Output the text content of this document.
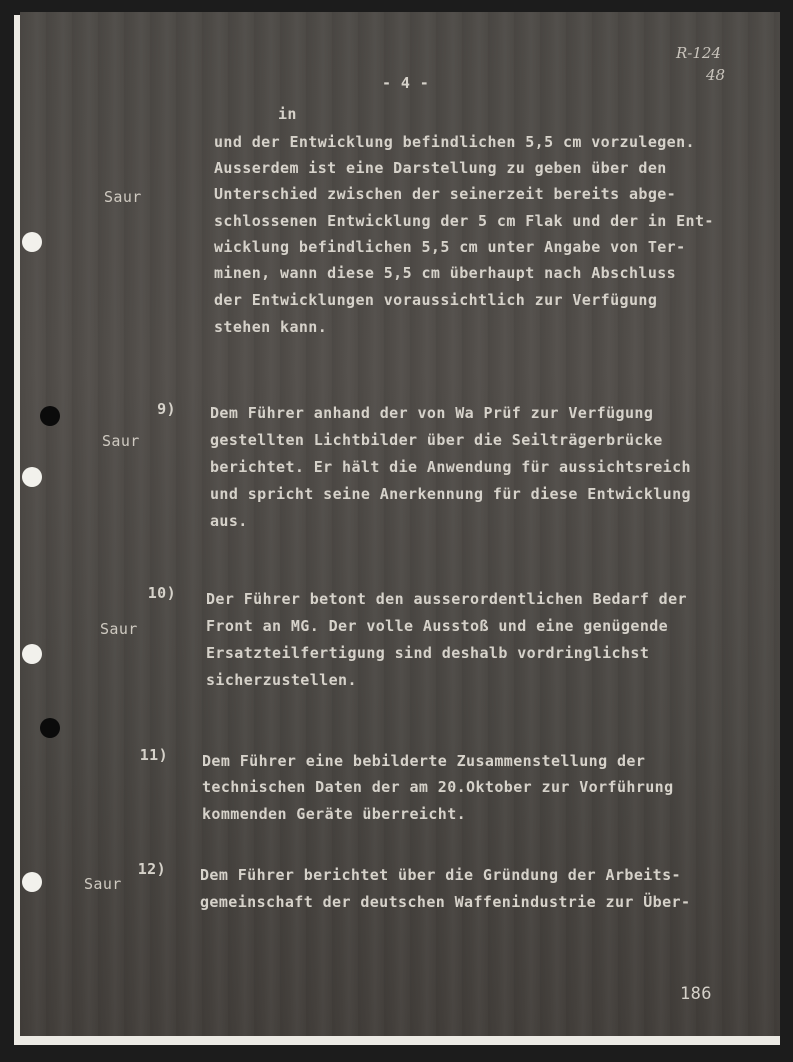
- 4 -

R-124
48

Saur

in

und der Entwicklung befindlichen 5,5 cm vorzulegen.

Ausserdem ist eine Darstellung zu geben über den

Unterschied zwischen der seinerzeit bereits abge-

schlossenen Entwicklung der 5 cm Flak und der in Ent-

wicklung befindlichen 5,5 cm unter Angabe von Ter-

minen, wann diese 5,5 cm überhaupt nach Abschluss

der Entwicklungen voraussichtlich zur Verfügung

stehen kann.

9)

Saur

Dem Führer anhand der von Wa Prüf zur Verfügung

gestellten Lichtbilder über die Seilträgerbrücke

berichtet. Er hält die Anwendung für aussichtsreich

und spricht seine Anerkennung für diese Entwicklung

aus.

10)

Saur

Der Führer betont den ausserordentlichen Bedarf der

Front an MG. Der volle Ausstoß und eine genügende

Ersatzteilfertigung sind deshalb vordringlichst

sicherzustellen.

11) Dem Führer eine bebilderte Zusammenstellung der

technischen Daten der am 20.Oktober zur Vorführung

kommenden Geräte überreicht.

12)

Saur	Dem Führer berichtet über die Gründung der Arbeits-

gemeinschaft der deutschen Waffenindustrie zur Über-

186
